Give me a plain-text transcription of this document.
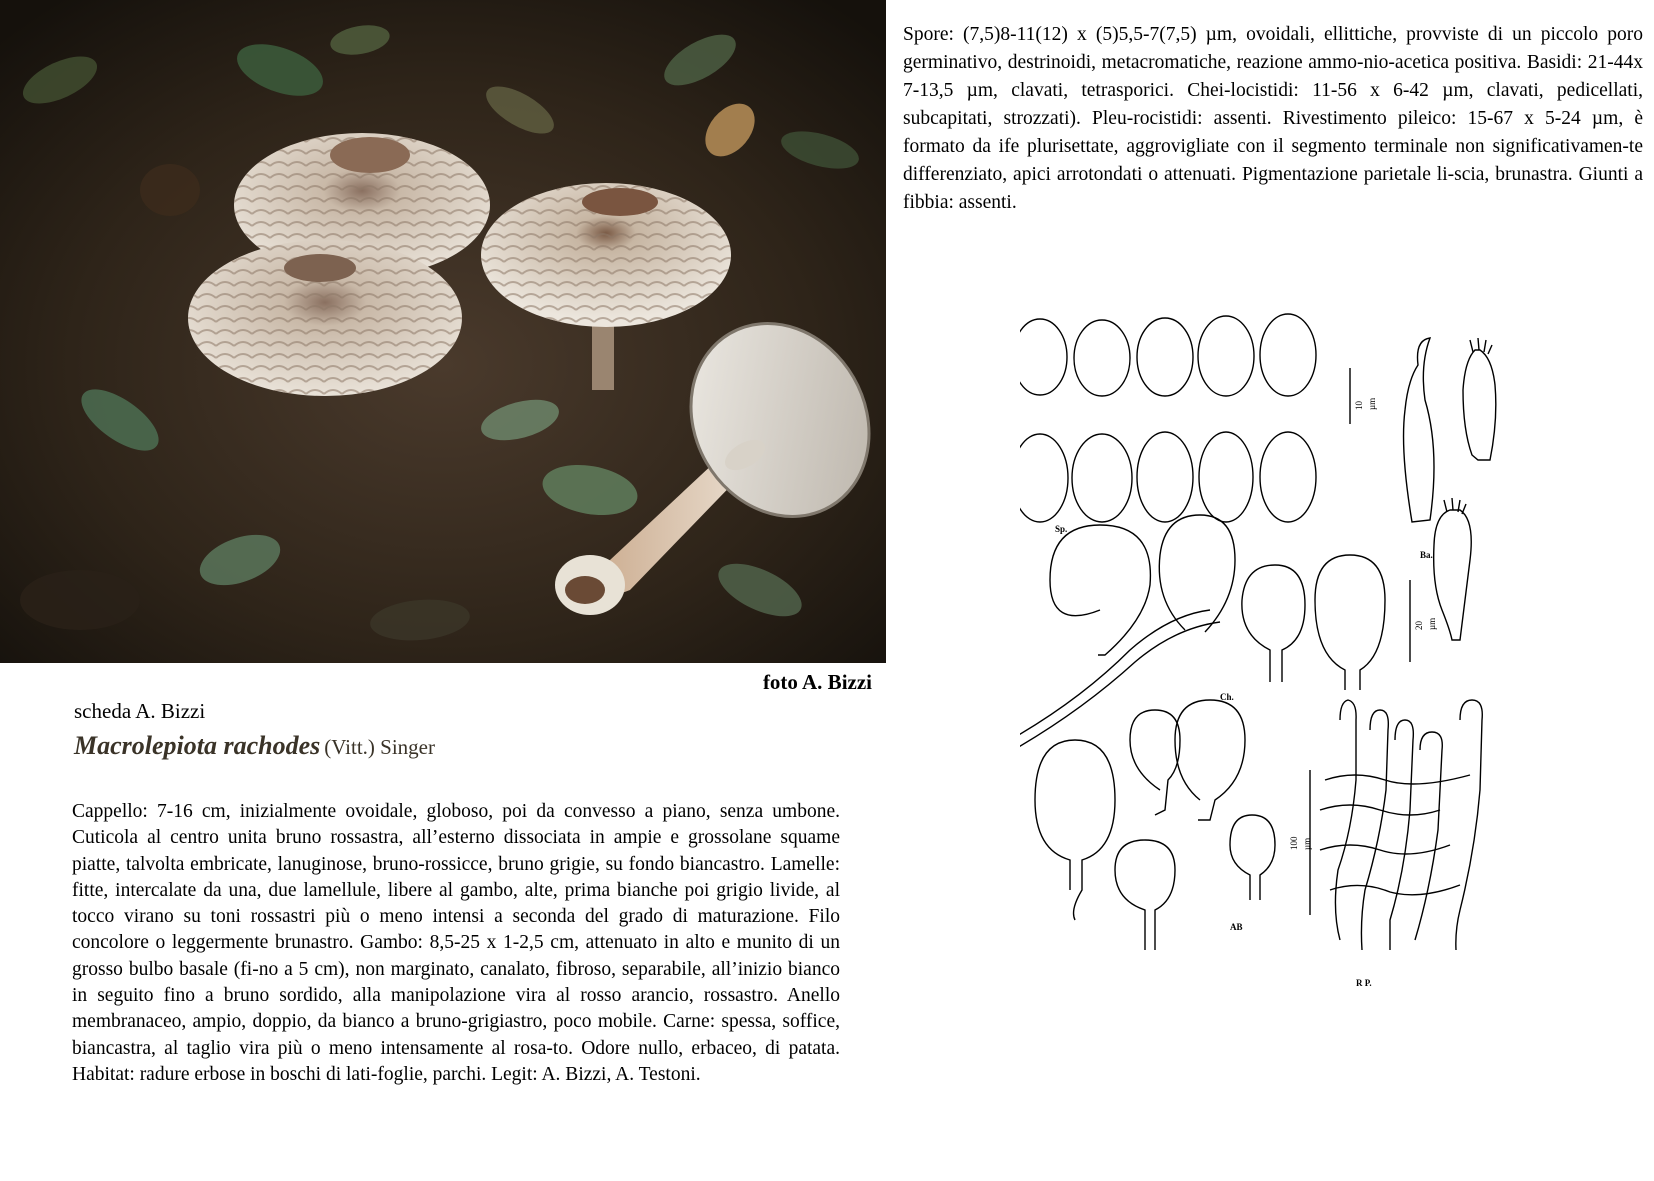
foto A. Bizzi
scheda A. Bizzi
Macrolepiota rachodes (Vitt.) Singer
Cappello: 7-16 cm, inizialmente ovoidale, globoso, poi da convesso a piano, senza umbone. Cuticola al centro unita bruno rossastra, all’esterno dissociata in ampie e grossolane squame piatte, talvolta embricate, lanuginose, bruno-rossicce, bruno grigie, su fondo biancastro. Lamelle: fitte, intercalate da una, due lamellule, libere al gambo, alte, prima bianche poi grigio livide, al tocco virano su toni rossastri più o meno intensi a seconda del grado di maturazione. Filo concolore o leggermente brunastro. Gambo: 8,5-25 x 1-2,5 cm, attenuato in alto e munito di un grosso bulbo basale (fi-no a 5 cm), non marginato, canalato, fibroso, separabile, all’inizio bianco in seguito fino a bruno sordido, alla manipolazione vira al rosso arancio, rossastro. Anello membranaceo, ampio, doppio, da bianco a bruno-grigiastro, poco mobile. Carne: spessa, soffice, biancastra, al taglio vira più o meno intensamente al rosa-to. Odore nullo, erbaceo, di patata. Habitat: radure erbose in boschi di lati-foglie, parchi. Legit: A. Bizzi, A. Testoni.
Spore: (7,5)8-11(12) x (5)5,5-7(7,5) µm, ovoidali, ellittiche, provviste di un piccolo poro germinativo, destrinoidi, metacromatiche, reazione ammo-nio-acetica positiva. Basidi: 21-44x 7-13,5 µm, clavati, tetrasporici. Chei-locistidi: 11-56 x 6-42 µm, clavati, pedicellati, subcapitati, strozzati). Pleu-rocistidi: assenti. Rivestimento pileico: 15-67 x 5-24 µm, è formato da ife plurisettate, aggrovigliate con il segmento terminale non significativamen-te differenziato, apici arrotondati o attenuati. Pigmentazione parietale li-scia, brunastra. Giunti a fibbia: assenti.
Sp.
10 µm
Ba.
20 µm
Ch.
AB
R P.
100 µm
